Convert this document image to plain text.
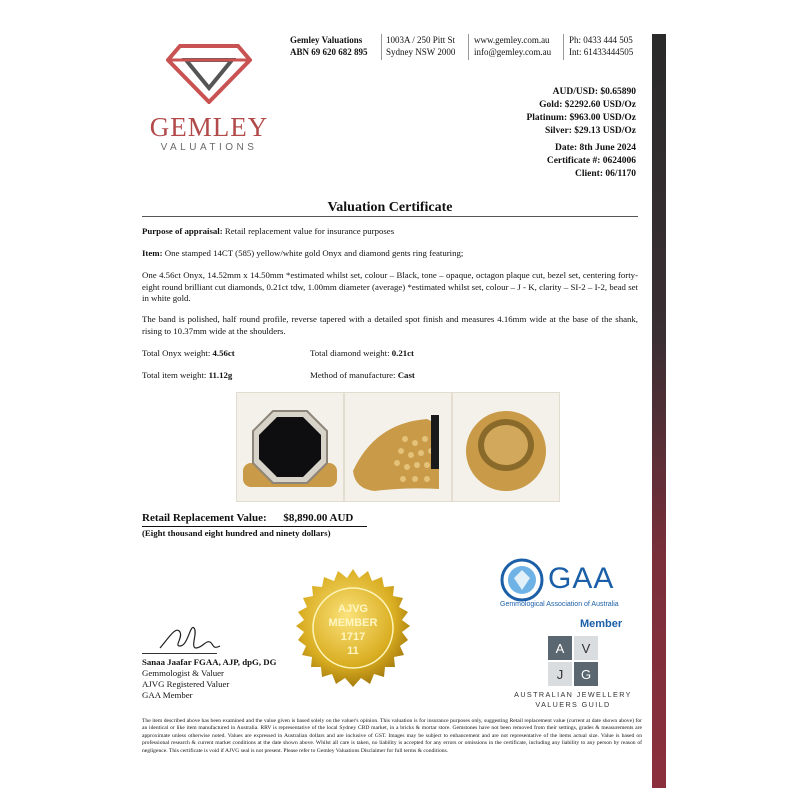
GEMLEY
VALUATIONS
Gemley Valuations
ABN 69 620 682 895
1003A / 250 Pitt St
Sydney NSW 2000
www.gemley.com.au
info@gemley.com.au
Ph: 0433 444 505
Int: 61433444505
AUD/USD: $0.65890
Gold: $2292.60 USD/Oz
Platinum: $963.00 USD/Oz
Silver: $29.13 USD/Oz
Date: 8th June 2024
Certificate #: 0624006
Client: 06/1170
Valuation Certificate
Purpose of appraisal: Retail replacement value for insurance purposes
Item: One stamped 14CT (585) yellow/white gold Onyx and diamond gents ring featuring;
One 4.56ct Onyx, 14.52mm x 14.50mm *estimated whilst set, colour – Black, tone – opaque, octagon plaque cut, bezel set, centering forty-eight round brilliant cut diamonds, 0.21ct tdw, 1.00mm diameter (average) *estimated whilst set, colour – J - K, clarity – SI-2 – I-2, bead set in white gold.
The band is polished, half round profile, reverse tapered with a detailed spot finish and measures 4.16mm wide at the base of the shank, rising to 10.37mm wide at the shoulders.
Total Onyx weight: 4.56ct	Total diamond weight: 0.21ct
Total item weight: 11.12g	Method of manufacture: Cast
Retail Replacement Value: $8,890.00 AUD
(Eight thousand eight hundred and ninety dollars)
AJVG
MEMBER
1717
11
Sanaa Jaafar FGAA, AJP, dpG, DG
Gemmologist & Valuer
AJVG Registered Valuer
GAA Member
GAA
Gemmological Association of Australia
Member
A V
J G
AUSTRALIAN JEWELLERY
VALUERS GUILD
The item described above has been examined and the value given is based solely on the valuer's opinion. This valuation is for insurance purposes only, suggesting Retail replacement value (current at date shown above) for an identical or like item manufactured in Australia. RRV is representative of the local Sydney CBD market, in a bricks & mortar store. Gemstones have not been removed from their settings, grades & measurements are approximate unless otherwise noted. Values are expressed in Australian dollars and are inclusive of GST. Images may be subject to enhancement and are not representative of the items actual size. Value is based on professional research & current market conditions at the date shown above. Whilst all care is taken, no liability is accepted for any errors or omissions in the certificate, including any liability to any person by reason of negligence. This certificate is void if AJVG seal is not present. Please refer to Gemley Valuations Disclaimer for full terms & conditions.
